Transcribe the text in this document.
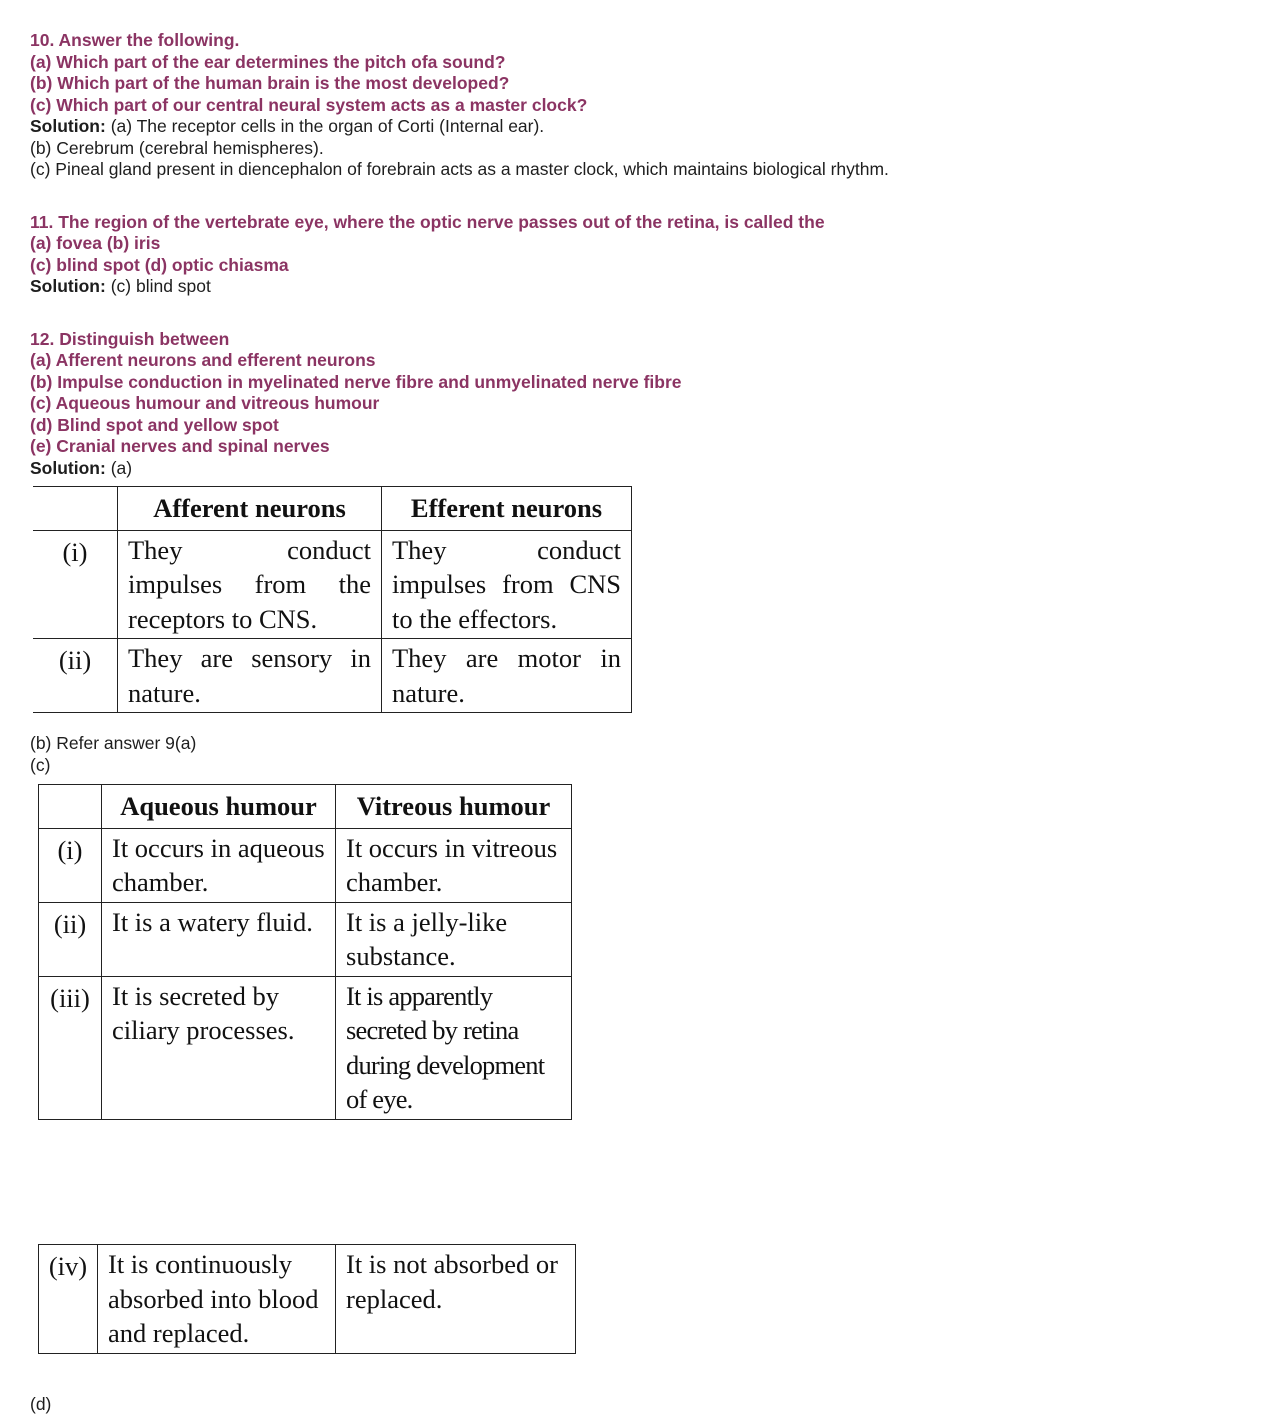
10. Answer the following.
(a) Which part of the ear determines the pitch ofa sound?
(b) Which part of the human brain is the most developed?
(c) Which part of our central neural system acts as a master clock?
Solution: (a) The receptor cells in the organ of Corti (Internal ear).
(b) Cerebrum (cerebral hemispheres).
(c) Pineal gland present in diencephalon of forebrain acts as a master clock, which maintains biological rhythm.
11. The region of the vertebrate eye, where the optic nerve passes out of the retina, is called the
(a) fovea (b) iris
(c) blind spot (d) optic chiasma
Solution: (c) blind spot
12. Distinguish between
(a) Afferent neurons and efferent neurons
(b) Impulse conduction in myelinated nerve fibre and unmyelinated nerve fibre
(c) Aqueous humour and vitreous humour
(d) Blind spot and yellow spot
(e) Cranial nerves and spinal nerves
Solution: (a)
	Afferent neurons	Efferent neurons
(i)	They conduct impulses from the receptors to CNS.	They conduct impulses from CNS to the effectors.
(ii)	They are sensory in nature.	They are motor in nature.
(b) Refer answer 9(a)
(c)
	Aqueous humour	Vitreous humour
(i)	It occurs in aqueous chamber.	It occurs in vitreous chamber.
(ii)	It is a watery fluid.	It is a jelly-like substance.
(iii)	It is secreted by ciliary processes.	It is apparently secreted by retina during development of eye.
(iv)	It is continuously absorbed into blood and replaced.	It is not absorbed or replaced.
(d)
